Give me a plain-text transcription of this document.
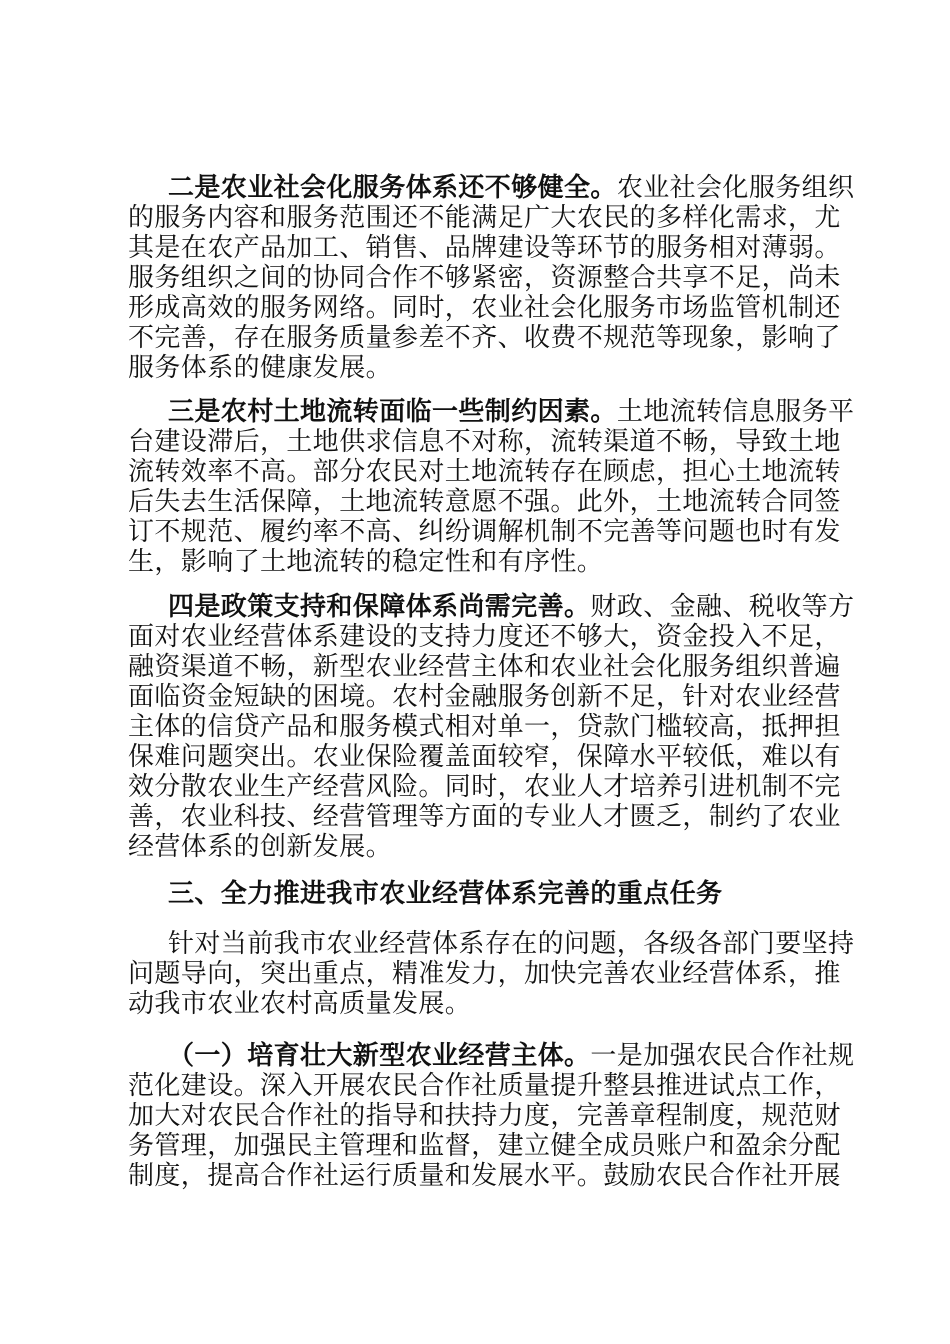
二是农业社会化服务体系还不够健全。农业社会化服务组织
的服务内容和服务范围还不能满足广大农民的多样化需求，尤
其是在农产品加工、销售、品牌建设等环节的服务相对薄弱。
服务组织之间的协同合作不够紧密，资源整合共享不足，尚未
形成高效的服务网络。同时，农业社会化服务市场监管机制还
不完善，存在服务质量参差不齐、收费不规范等现象，影响了
服务体系的健康发展。

三是农村土地流转面临一些制约因素。土地流转信息服务平
台建设滞后，土地供求信息不对称，流转渠道不畅，导致土地
流转效率不高。部分农民对土地流转存在顾虑，担心土地流转
后失去生活保障，土地流转意愿不强。此外，土地流转合同签
订不规范、履约率不高、纠纷调解机制不完善等问题也时有发
生，影响了土地流转的稳定性和有序性。

四是政策支持和保障体系尚需完善。财政、金融、税收等方
面对农业经营体系建设的支持力度还不够大，资金投入不足，
融资渠道不畅，新型农业经营主体和农业社会化服务组织普遍
面临资金短缺的困境。农村金融服务创新不足，针对农业经营
主体的信贷产品和服务模式相对单一，贷款门槛较高，抵押担
保难问题突出。农业保险覆盖面较窄，保障水平较低，难以有
效分散农业生产经营风险。同时，农业人才培养引进机制不完
善，农业科技、经营管理等方面的专业人才匮乏，制约了农业
经营体系的创新发展。

三、全力推进我市农业经营体系完善的重点任务

针对当前我市农业经营体系存在的问题，各级各部门要坚持
问题导向，突出重点，精准发力，加快完善农业经营体系，推
动我市农业农村高质量发展。

（一）培育壮大新型农业经营主体。一是加强农民合作社规
范化建设。深入开展农民合作社质量提升整县推进试点工作，
加大对农民合作社的指导和扶持力度，完善章程制度，规范财
务管理，加强民主管理和监督，建立健全成员账户和盈余分配
制度，提高合作社运行质量和发展水平。鼓励农民合作社开展
